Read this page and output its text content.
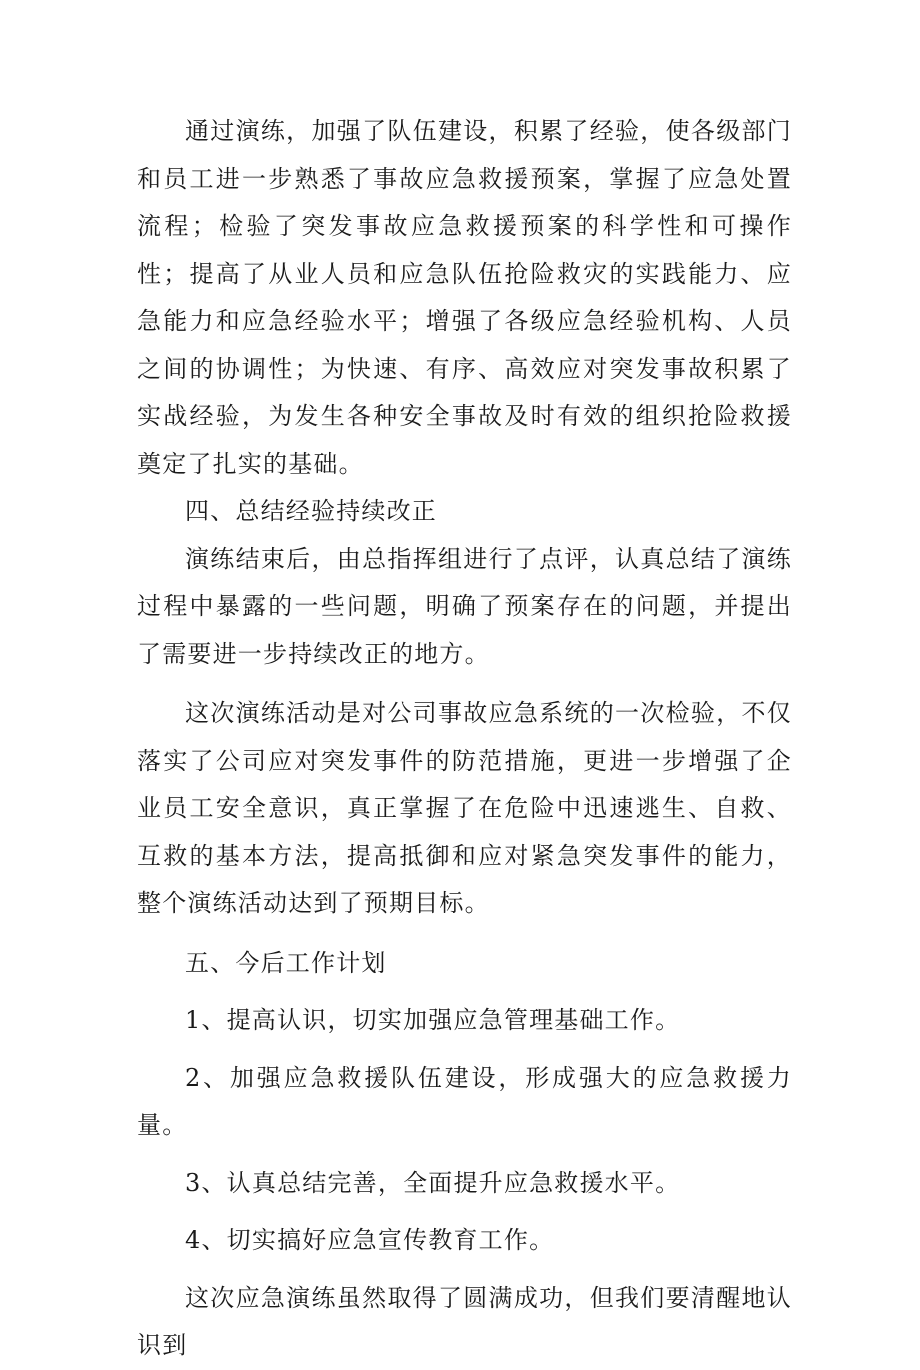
通过演练，加强了队伍建设，积累了经验，使各级部门和员工进一步熟悉了事故应急救援预案，掌握了应急处置流程；检验了突发事故应急救援预案的科学性和可操作性；提高了从业人员和应急队伍抢险救灾的实践能力、应急能力和应急经验水平；增强了各级应急经验机构、人员之间的协调性；为快速、有序、高效应对突发事故积累了实战经验，为发生各种安全事故及时有效的组织抢险救援奠定了扎实的基础。

四、总结经验持续改正

演练结束后，由总指挥组进行了点评，认真总结了演练过程中暴露的一些问题，明确了预案存在的问题，并提出了需要进一步持续改正的地方。

这次演练活动是对公司事故应急系统的一次检验，不仅落实了公司应对突发事件的防范措施，更进一步增强了企业员工安全意识，真正掌握了在危险中迅速逃生、自救、互救的基本方法，提高抵御和应对紧急突发事件的能力，整个演练活动达到了预期目标。

五、今后工作计划

1、提高认识，切实加强应急管理基础工作。

2、加强应急救援队伍建设，形成强大的应急救援力量。

3、认真总结完善，全面提升应急救援水平。

4、切实搞好应急宣传教育工作。

这次应急演练虽然取得了圆满成功，但我们要清醒地认识到
